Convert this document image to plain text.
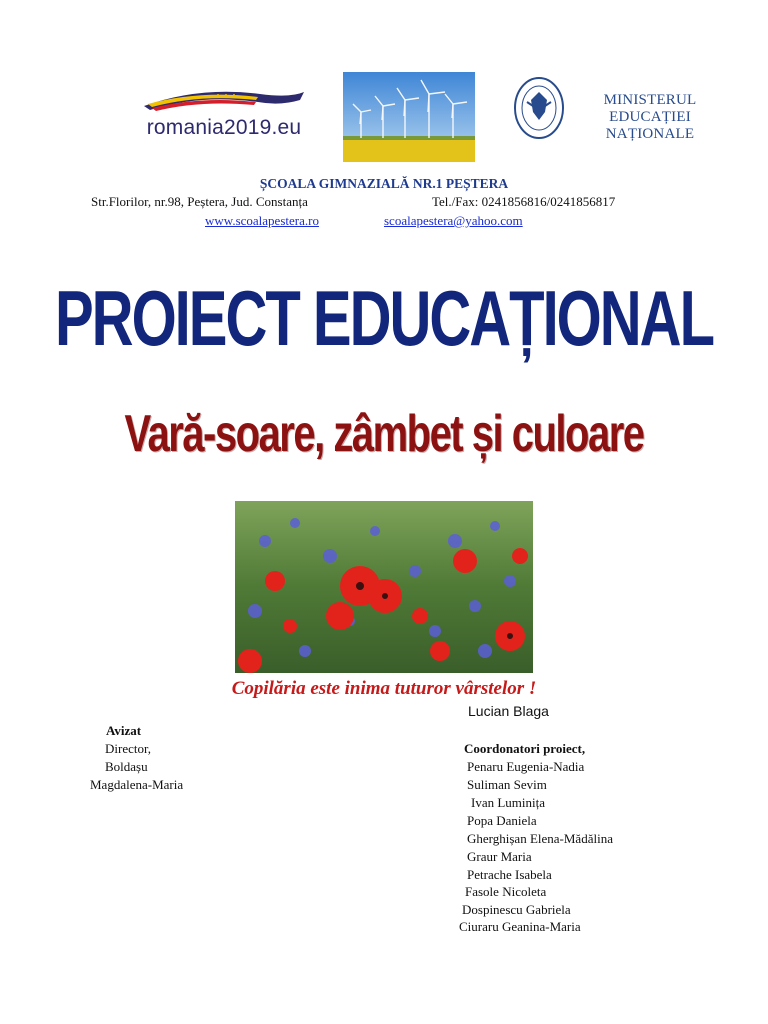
romania2019.eu
MINISTERUL EDUCAȚIEI
NAȚIONALE
ȘCOALA GIMNAZIALĂ NR.1 PEȘTERA
Str.Florilor, nr.98, Peștera, Jud. Constanța	Tel./Fax: 0241856816/0241856817
www.scoalapestera.ro	scoalapestera@yahoo.com
PROIECT EDUCAȚIONAL
Vară-soare, zâmbet și culoare
Copilăria este inima tuturor vârstelor !
Lucian Blaga
Avizat
Director,
Boldașu
Magdalena-Maria
Coordonatori proiect,
Penaru Eugenia-Nadia
Suliman Sevim
Ivan Luminița
Popa Daniela
Gherghișan Elena-Mădălina
Graur Maria
Petrache Isabela
Fasole Nicoleta
Dospinescu Gabriela
Ciuraru Geanina-Maria
